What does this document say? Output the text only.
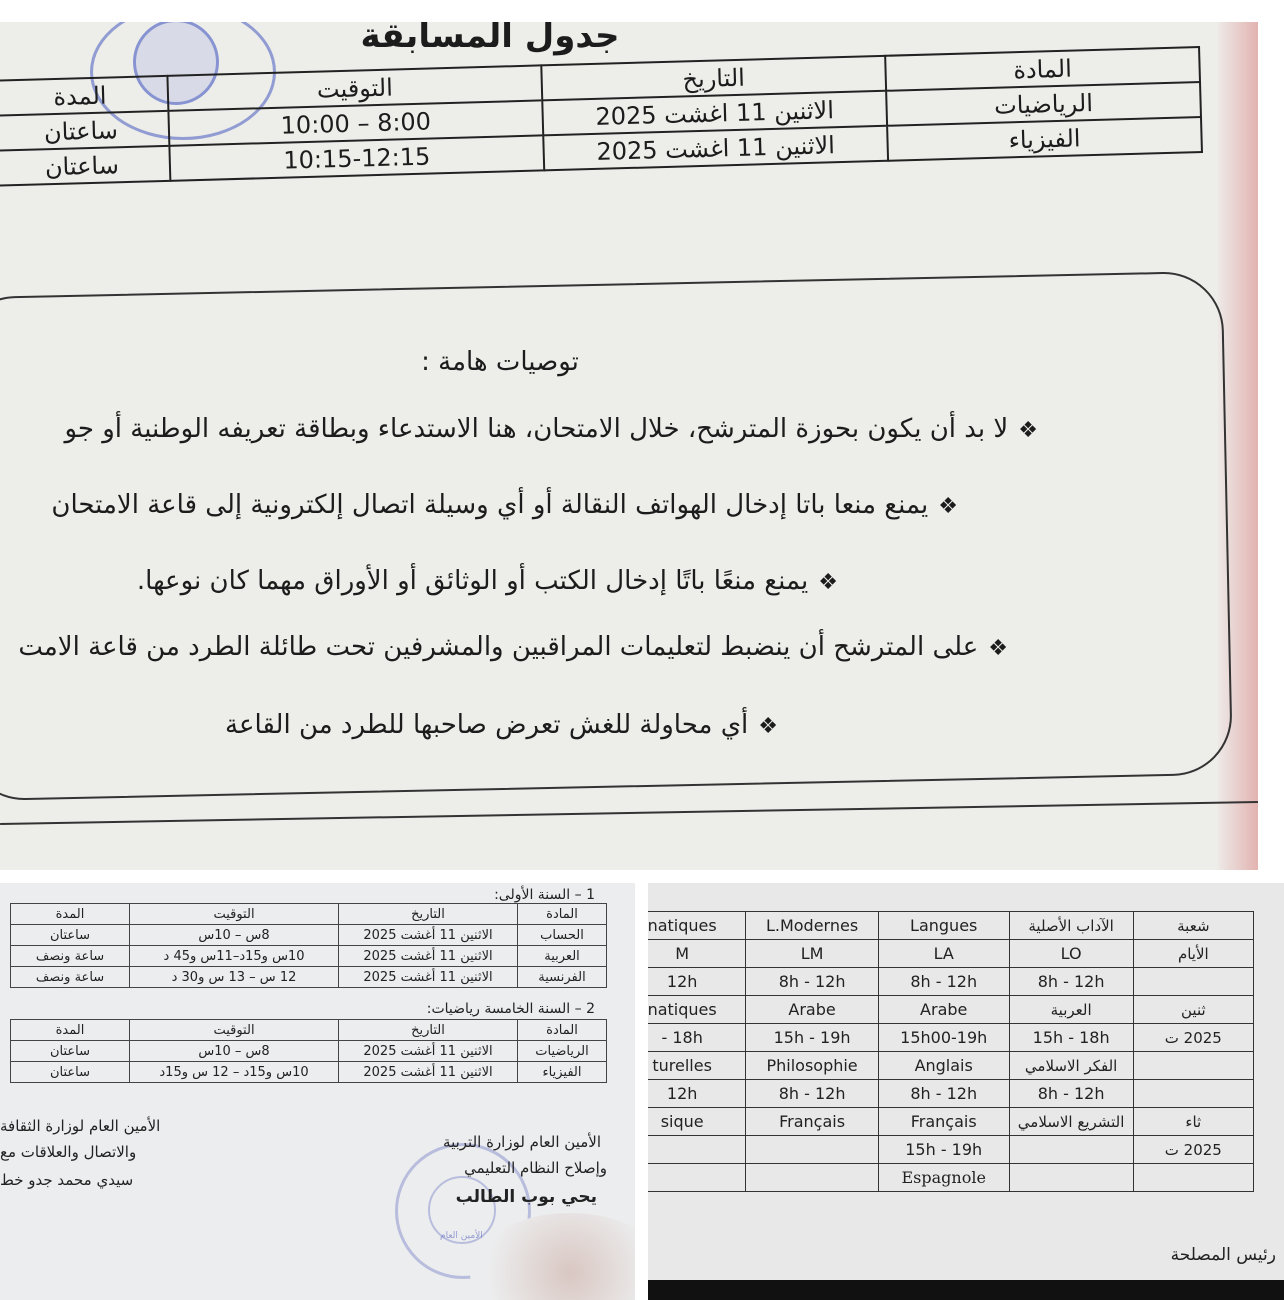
جدول المسابقة
المادة	التاريخ	التوقيت	المدة
الرياضيات	الاثنين 11 اغشت 2025	8:00 – 10:00	ساعتان
الفيزياء	الاثنين 11 اغشت 2025	10:15-12:15	ساعتان
توصيات هامة :
❖لا بد أن يكون بحوزة المترشح، خلال الامتحان، هنا الاستدعاء وبطاقة تعريفه الوطنية أو جو
❖يمنع منعا باتا إدخال الهواتف النقالة أو أي وسيلة اتصال إلكترونية إلى قاعة الامتحان
❖يمنع منعًا باتًا إدخال الكتب أو الوثائق أو الأوراق مهما كان نوعها.
❖على المترشح أن ينضبط لتعليمات المراقبين والمشرفين تحت طائلة الطرد من قاعة الامت
❖أي محاولة للغش تعرض صاحبها للطرد من القاعة
1 – السنة الأولى:
المادة	التاريخ	التوقيت	المدة
الحساب	الاثنين 11 أغشت 2025	8س – 10س	ساعتان
العربية	الاثنين 11 أغشت 2025	10س و15د–11س و45 د	ساعة ونصف
الفرنسية	الاثنين 11 أغشت 2025	12 س – 13 س و30 د	ساعة ونصف
2 – السنة الخامسة رياضيات:
المادة	التاريخ	التوقيت	المدة
الرياضيات	الاثنين 11 أغشت 2025	8س – 10س	ساعتان
الفيزياء	الاثنين 11 أغشت 2025	10س و15د – 12 س و15د	ساعتان
الأمين العام
الأمين العام لوزارة التربية
وإصلاح النظام التعليمي
يحي بوب الطالب
الأمين العام لوزارة الثقافة
والاتصال والعلاقات مع
سيدي محمد جدو خط
natiques	L.Modernes	Langues	الآداب الأصلية	شعبة
M	LM	LA	LO	الأيام
12h	8h - 12h	8h - 12h	8h - 12h	
natiques	Arabe	Arabe	العربية	ثنين
- 18h	15h - 19h	15h00-19h	15h - 18h	2025 ت
turelles	Philosophie	Anglais	الفكر الاسلامي	
12h	8h - 12h	8h - 12h	8h - 12h	
sique	Français	Français	التشريع الاسلامي	ثاء
		15h - 19h		2025 ت
		Espagnole		
رئيس المصلحة
